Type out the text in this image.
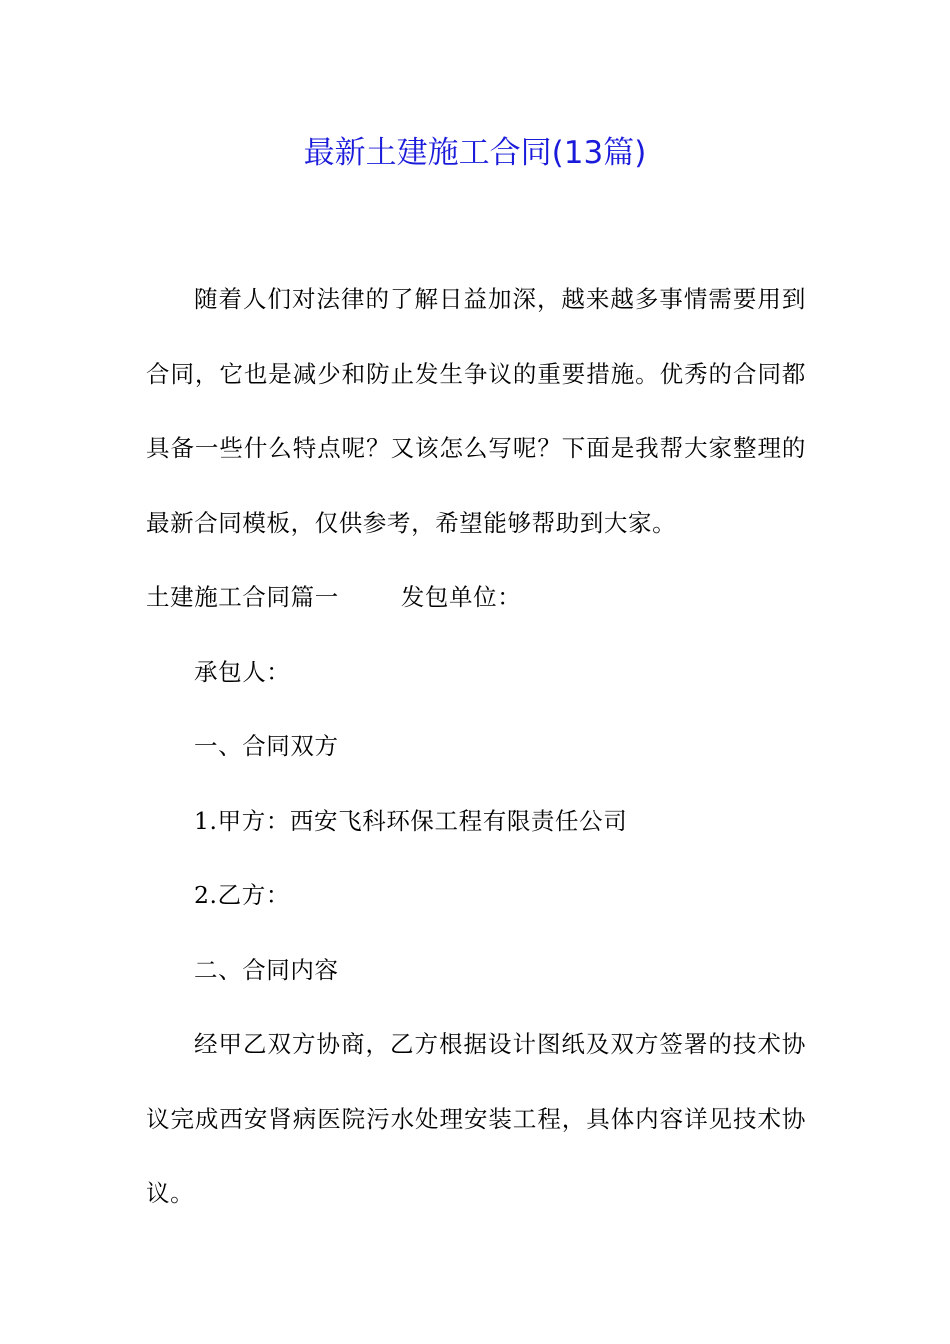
最新土建施工合同(13篇)

随着人们对法律的了解日益加深，越来越多事情需要用到合同，它也是减少和防止发生争议的重要措施。优秀的合同都具备一些什么特点呢？又该怎么写呢？下面是我帮大家整理的最新合同模板，仅供参考，希望能够帮助到大家。

土建施工合同篇一	发包单位：

承包人：

一、合同双方

1.甲方：西安飞科环保工程有限责任公司

2.乙方：

二、合同内容

经甲乙双方协商，乙方根据设计图纸及双方签署的技术协议完成西安肾病医院污水处理安装工程，具体内容详见技术协议。
